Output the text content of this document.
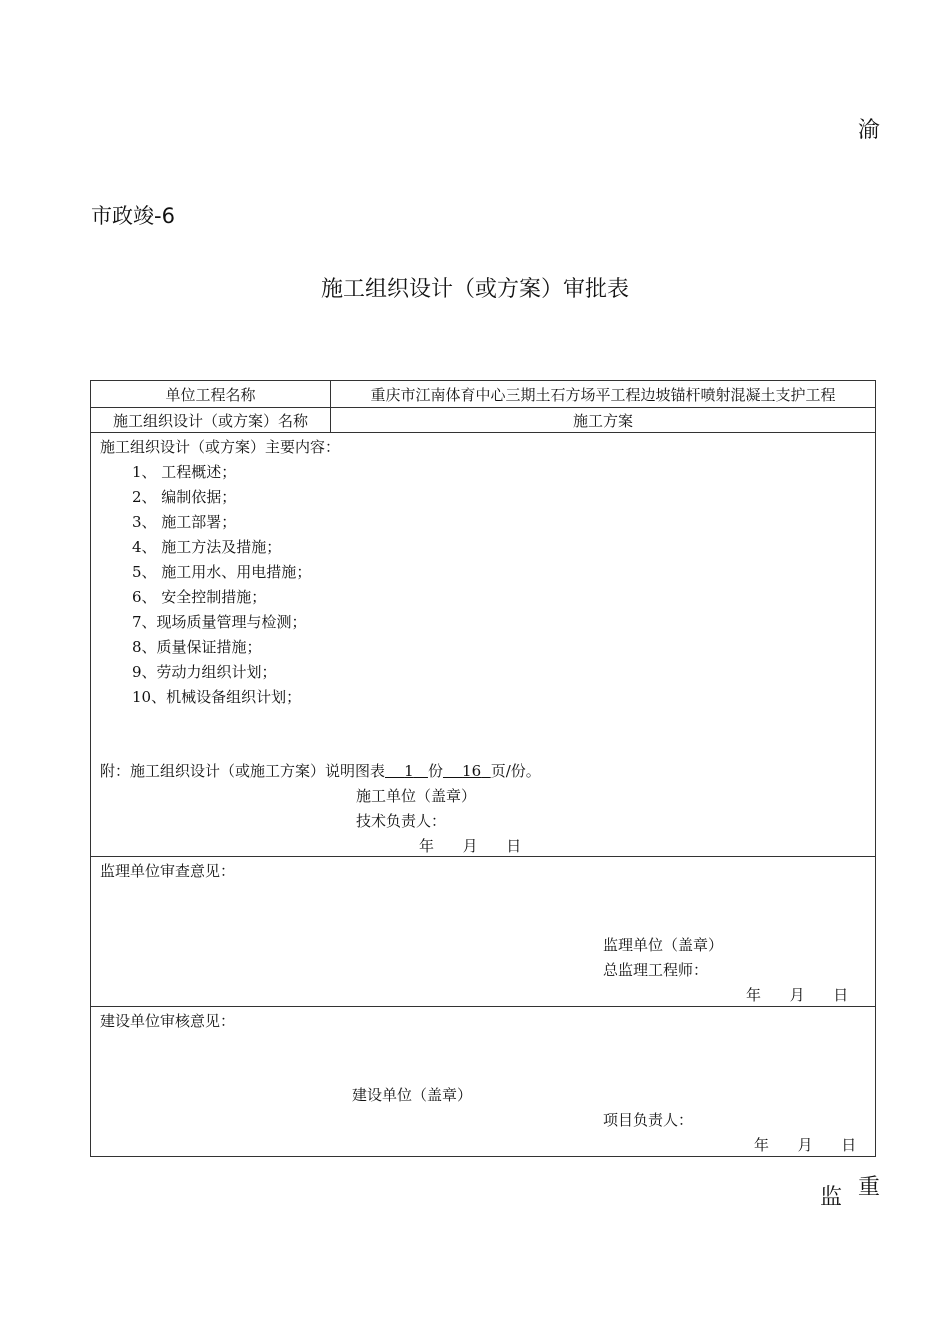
渝
市政竣-6
施工组织设计（或方案）审批表
单位工程名称	重庆市江南体育中心三期土石方场平工程边坡锚杆喷射混凝土支护工程
施工组织设计（或方案）名称	施工方案
施工组织设计（或方案）主要内容：
1、 工程概述；
2、 编制依据；
3、 施工部署；
4、 施工方法及措施；
5、 施工用水、用电措施；
6、 安全控制措施；
7、现场质量管理与检测；
8、质量保证措施；
9、劳动力组织计划；
10、机械设备组织计划；
附：施工组织设计（或施工方案）说明图表 1 份 16 页/份。
施工单位（盖章）
技术负责人：
年      月      日
监理单位审查意见：
监理单位（盖章）
总监理工程师：
年      月      日
建设单位审核意见：
建设单位（盖章）
项目负责人：
年      月      日
监 重
